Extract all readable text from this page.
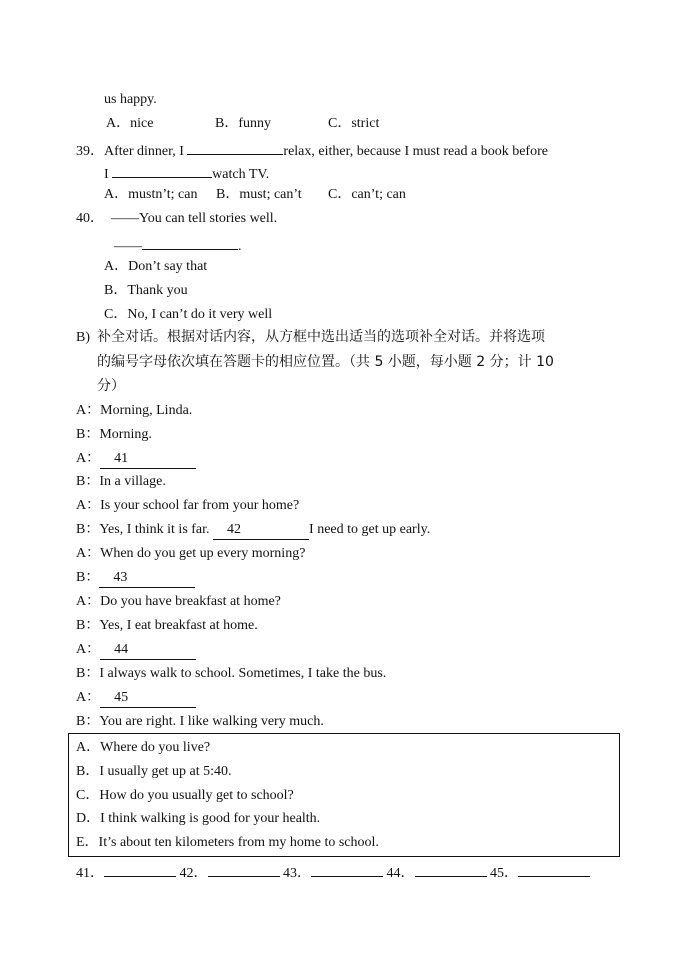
us happy.
A．nice	B．funny	C．strict
39．After dinner, I	relax, either, because I must read a book before
I	watch TV.
A．mustn’t; can B．must; can’t C．can’t; can
40． ——You can tell stories well.
——	.
A．Don’t say that
B．Thank you
C．No, I can’t do it very well
B) 补全对话。根据对话内容，从方框中选出适当的选项补全对话。并将选项
的编号字母依次填在答题卡的相应位置。（共 5 小题，每小题 2 分；计 10
分）
A：Morning, Linda.
B：Morning.
A： 41
B：In a village.
A：Is your school far from your home?
B：Yes, I think it is far. 42	I need to get up early.
A：When do you get up every morning?
B： 43
A：Do you have breakfast at home?
B：Yes, I eat breakfast at home.
A： 44
B：I always walk to school. Sometimes, I take the bus.
A： 45
B：You are right. I like walking very much.
A．Where do you live?
B．I usually get up at 5:40.
C．How do you usually get to school?
D．I think walking is good for your health.
E．It’s about ten kilometers from my home to school.
41．	42．	43．	44．	45．
